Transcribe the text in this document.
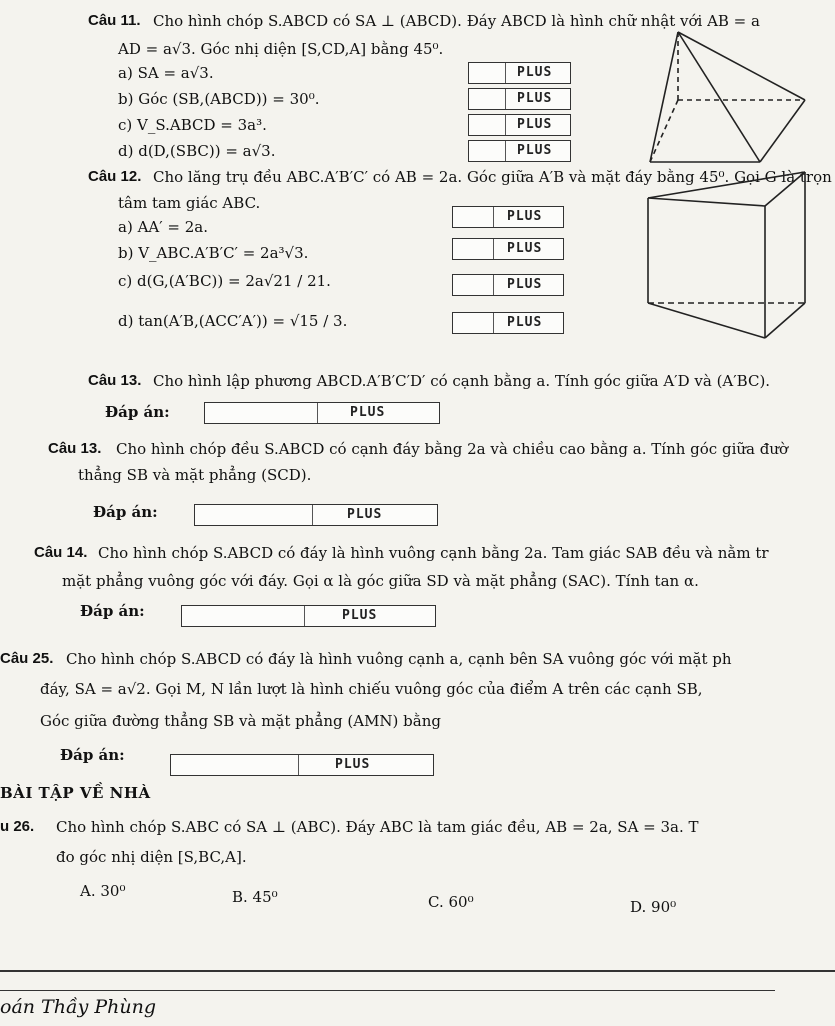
Câu 11. Cho hình chóp S.ABCD có SA ⊥ (ABCD). Đáy ABCD là hình chữ nhật với AB = a
AD = a√3. Góc nhị diện [S,CD,A] bằng 45⁰.
a) SA = a√3.
b) Góc (SB,(ABCD)) = 30⁰.
c) V_S.ABCD = 3a³.
d) d(D,(SBC)) = a√3.
PLUS
PLUS
PLUS
PLUS
Câu 12. Cho lăng trụ đều ABC.A′B′C′ có AB = 2a. Góc giữa A′B và mặt đáy bằng 45⁰. Gọi G là trọn
tâm tam giác ABC.
a) AA′ = 2a.
b) V_ABC.A′B′C′ = 2a³√3.
c) d(G,(A′BC)) = 2a√21 / 21.
d) tan(A′B,(ACC′A′)) = √15 / 3.
PLUS
PLUS
PLUS
PLUS
Câu 13. Cho hình lập phương ABCD.A′B′C′D′ có cạnh bằng a. Tính góc giữa A′D và (A′BC).
Đáp án:	PLUS
Câu 13. Cho hình chóp đều S.ABCD có cạnh đáy bằng 2a và chiều cao bằng a. Tính góc giữa đườ
thẳng SB và mặt phẳng (SCD).
Đáp án:	PLUS
Câu 14. Cho hình chóp S.ABCD có đáy là hình vuông cạnh bằng 2a. Tam giác SAB đều và nằm tr
mặt phẳng vuông góc với đáy. Gọi α là góc giữa SD và mặt phẳng (SAC). Tính tan α.
Đáp án:	PLUS
Câu 25. Cho hình chóp S.ABCD có đáy là hình vuông cạnh a, cạnh bên SA vuông góc với mặt ph
đáy, SA = a√2. Gọi M, N lần lượt là hình chiếu vuông góc của điểm A trên các cạnh SB,
Góc giữa đường thẳng SB và mặt phẳng (AMN) bằng
Đáp án:
PLUS
BÀI TẬP VỀ NHÀ
u 26. Cho hình chóp S.ABC có SA ⊥ (ABC). Đáy ABC là tam giác đều, AB = 2a, SA = 3a. T
đo góc nhị diện [S,BC,A].
A. 30⁰	B. 45⁰	C. 60⁰	D. 90⁰
oán Thầy Phùng
